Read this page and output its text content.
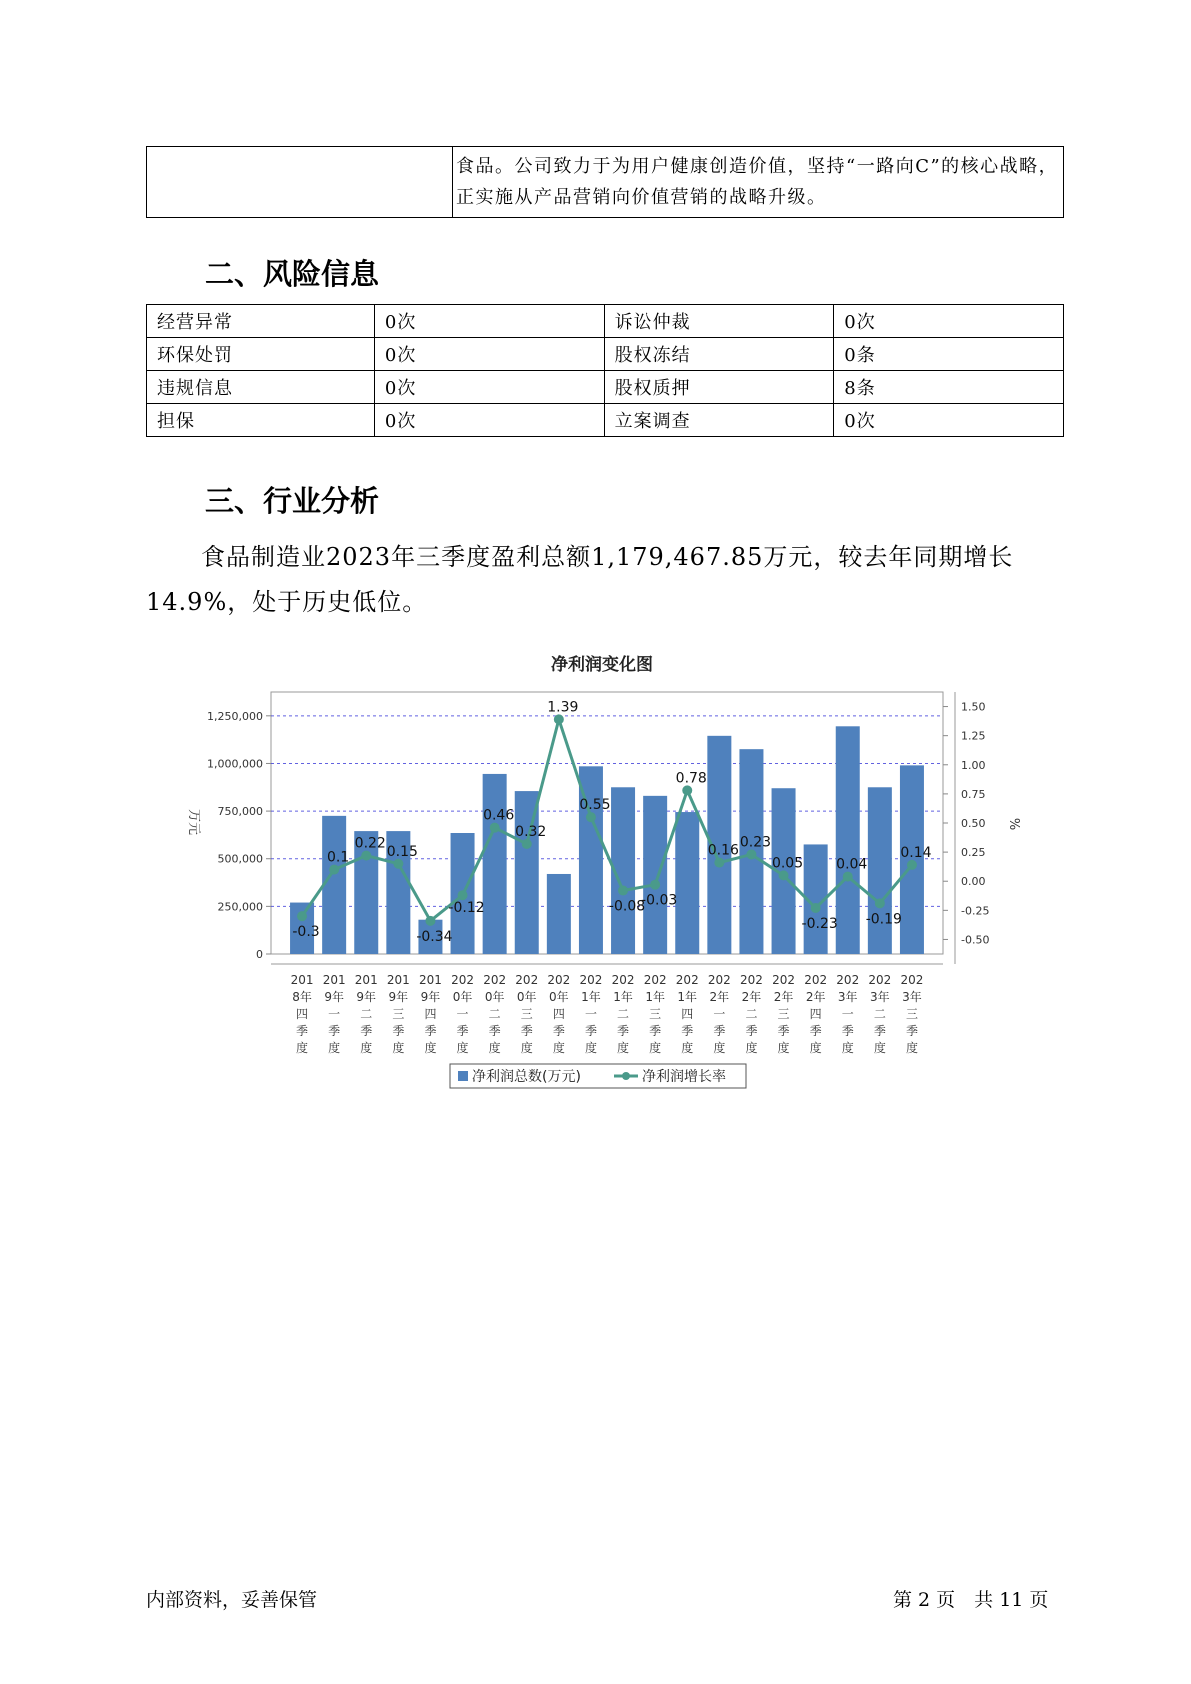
食品。公司致力于为用户健康创造价值，坚持“一路向C”的核心战略，
正实施从产品营销向价值营销的战略升级。
二、风险信息
经营异常	0次	诉讼仲裁	0次
环保处罚	0次	股权冻结	0条
违规信息	0次	股权质押	8条
担保	0次	立案调查	0次
三、行业分析
食品制造业2023年三季度盈利总额1,179,467.85万元，较去年同期增长14.9%，处于历史低位。
净利润变化图
0
250,000
500,000
750,000
1,000,000
1,250,000
-0.50
-0.25
0.00
0.25
0.50
0.75
1.00
1.25
1.50
万元	%
-0.3
0.1
0.22
0.15
-0.34
-0.12
0.46
0.32
1.39
0.55
-0.08
-0.03
0.78
0.16
0.23
0.05
-0.23
0.04
-0.19
0.14
201 8年四季度
201 9年一季度
201 9年二季度
201 9年三季度
201 9年四季度
202 0年一季度
202 0年二季度
202 0年三季度
202 0年四季度
202 1年一季度
202 1年二季度
202 1年三季度
202 1年四季度
202 2年一季度
202 2年二季度
202 2年三季度
202 2年四季度
202 3年一季度
202 3年二季度
202 3年三季度
净利润总数(万元)	净利润增长率
内部资料，妥善保管	第 2 页　共 11 页
